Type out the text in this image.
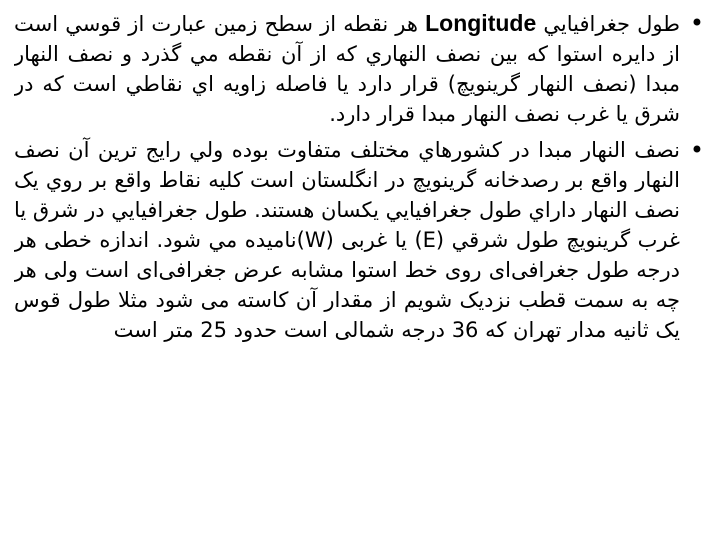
•
طول جغرافيايي Longitude هر نقطه از سطح زمين عبارت از قوسي است
از دايره استوا كه بين نصف النهاري كه از آن نقطه مي گذرد و نصف النهار
مبدا (نصف النهار گرينويچ) قرار دارد يا فاصله زاويه اي نقاطي است كه در
شرق يا غرب نصف النهار مبدا قرار دارد.
•
نصف النهار مبدا در كشورهاي مختلف متفاوت بوده ولي رايج ترين آن نصف
النهار واقع بر رصدخانه گرينويچ در انگلستان است كليه نقاط واقع بر روي يک
نصف النهار داراي طول جغرافيايي يكسان هستند. طول جغرافيايي در شرق يا
غرب گرينويچ طول شرقي (E) يا غربی (W)ناميده مي شود. اندازه خطی هر
درجه طول جغرافی‌ای روی خط استوا مشابه عرض جغرافی‌ای است ولی هر
چه به سمت قطب نزدیک شویم از مقدار آن کاسته می شود مثلا طول قوس
یک ثانیه مدار تهران که 36 درجه شمالی است حدود 25 متر است
